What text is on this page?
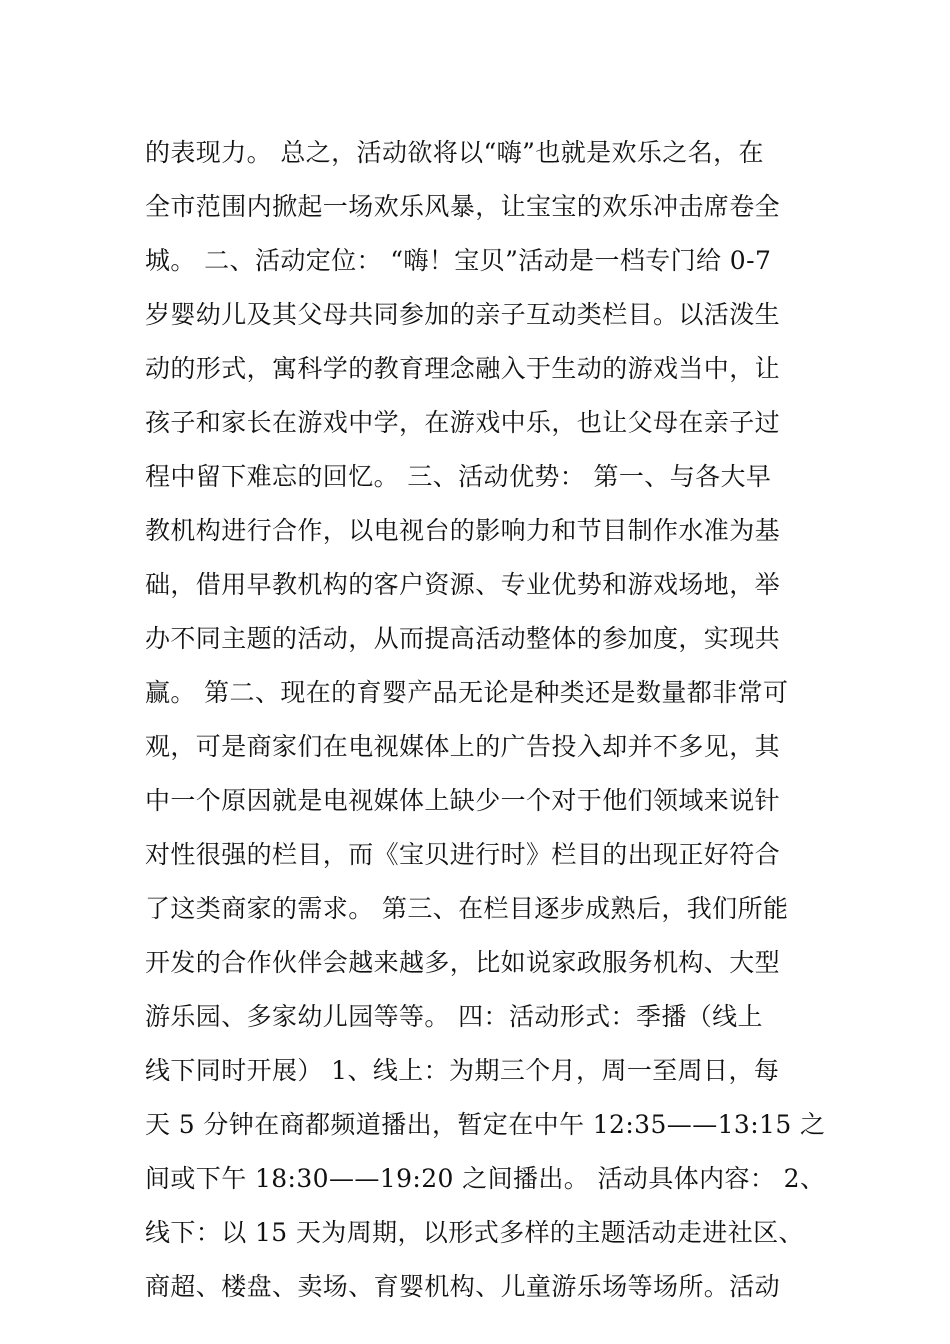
的表现力。 总之，活动欲将以“嗨”也就是欢乐之名，在
全市范围内掀起一场欢乐风暴，让宝宝的欢乐冲击席卷全
城。 二、活动定位： “嗨！宝贝”活动是一档专门给 0-7
岁婴幼儿及其父母共同参加的亲子互动类栏目。以活泼生
动的形式，寓科学的教育理念融入于生动的游戏当中，让
孩子和家长在游戏中学，在游戏中乐，也让父母在亲子过
程中留下难忘的回忆。 三、活动优势： 第一、与各大早
教机构进行合作，以电视台的影响力和节目制作水准为基
础，借用早教机构的客户资源、专业优势和游戏场地，举
办不同主题的活动，从而提高活动整体的参加度，实现共
赢。 第二、现在的育婴产品无论是种类还是数量都非常可
观，可是商家们在电视媒体上的广告投入却并不多见，其
中一个原因就是电视媒体上缺少一个对于他们领域来说针
对性很强的栏目，而《宝贝进行时》栏目的出现正好符合
了这类商家的需求。 第三、在栏目逐步成熟后，我们所能
开发的合作伙伴会越来越多，比如说家政服务机构、大型
游乐园、多家幼儿园等等。 四：活动形式：季播（线上
线下同时开展） 1、线上：为期三个月，周一至周日，每
天 5 分钟在商都频道播出，暂定在中午 12:35——13:15 之
间或下午 18:30——19:20 之间播出。 活动具体内容： 2、
线下：以 15 天为周期，以形式多样的主题活动走进社区、
商超、楼盘、卖场、育婴机构、儿童游乐场等场所。活动
